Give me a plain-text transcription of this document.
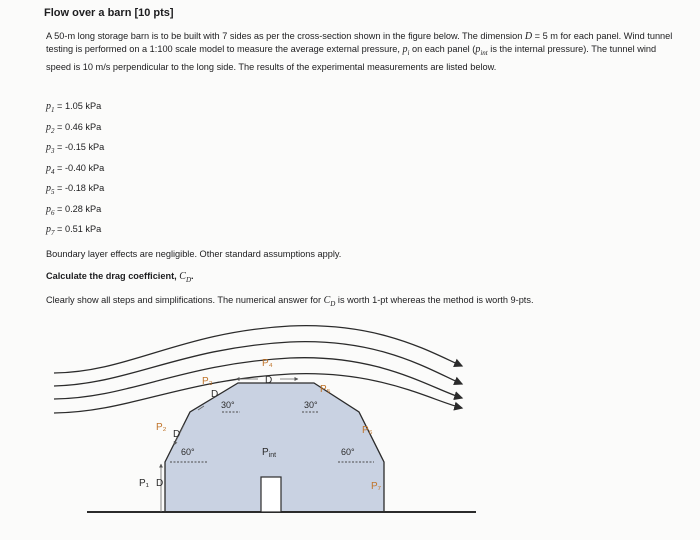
Flow over a barn [10 pts]
A 50-m long storage barn is to be built with 7 sides as per the cross-section shown in the figure below. The dimension D = 5 m for each panel. Wind tunnel testing is performed on a 1:100 scale model to measure the average external pressure, $p_i$ on each panel ($p_{int}$ is the internal pressure). The tunnel wind speed is 10 m/s perpendicular to the long side. The results of the experimental measurements are listed below.
$p_1 = 1.05$ kPa
$p_2 = 0.46$ kPa
$p_3 = -0.15$ kPa
$p_4 = -0.40$ kPa
$p_5 = -0.18$ kPa
$p_6 = 0.28$ kPa
$p_7 = 0.51$ kPa
Boundary layer effects are negligible. Other standard assumptions apply.
Calculate the drag coefficient, $C_D$.
Clearly show all steps and simplifications. The numerical answer for $C_D$ is worth 1-pt whereas the method is worth 9-pts.
P₁ D
P₂
D
P₃
D
P₄
D
P₅
P₆
P₇
$P_{int}$
30°	30°
60°	60°
